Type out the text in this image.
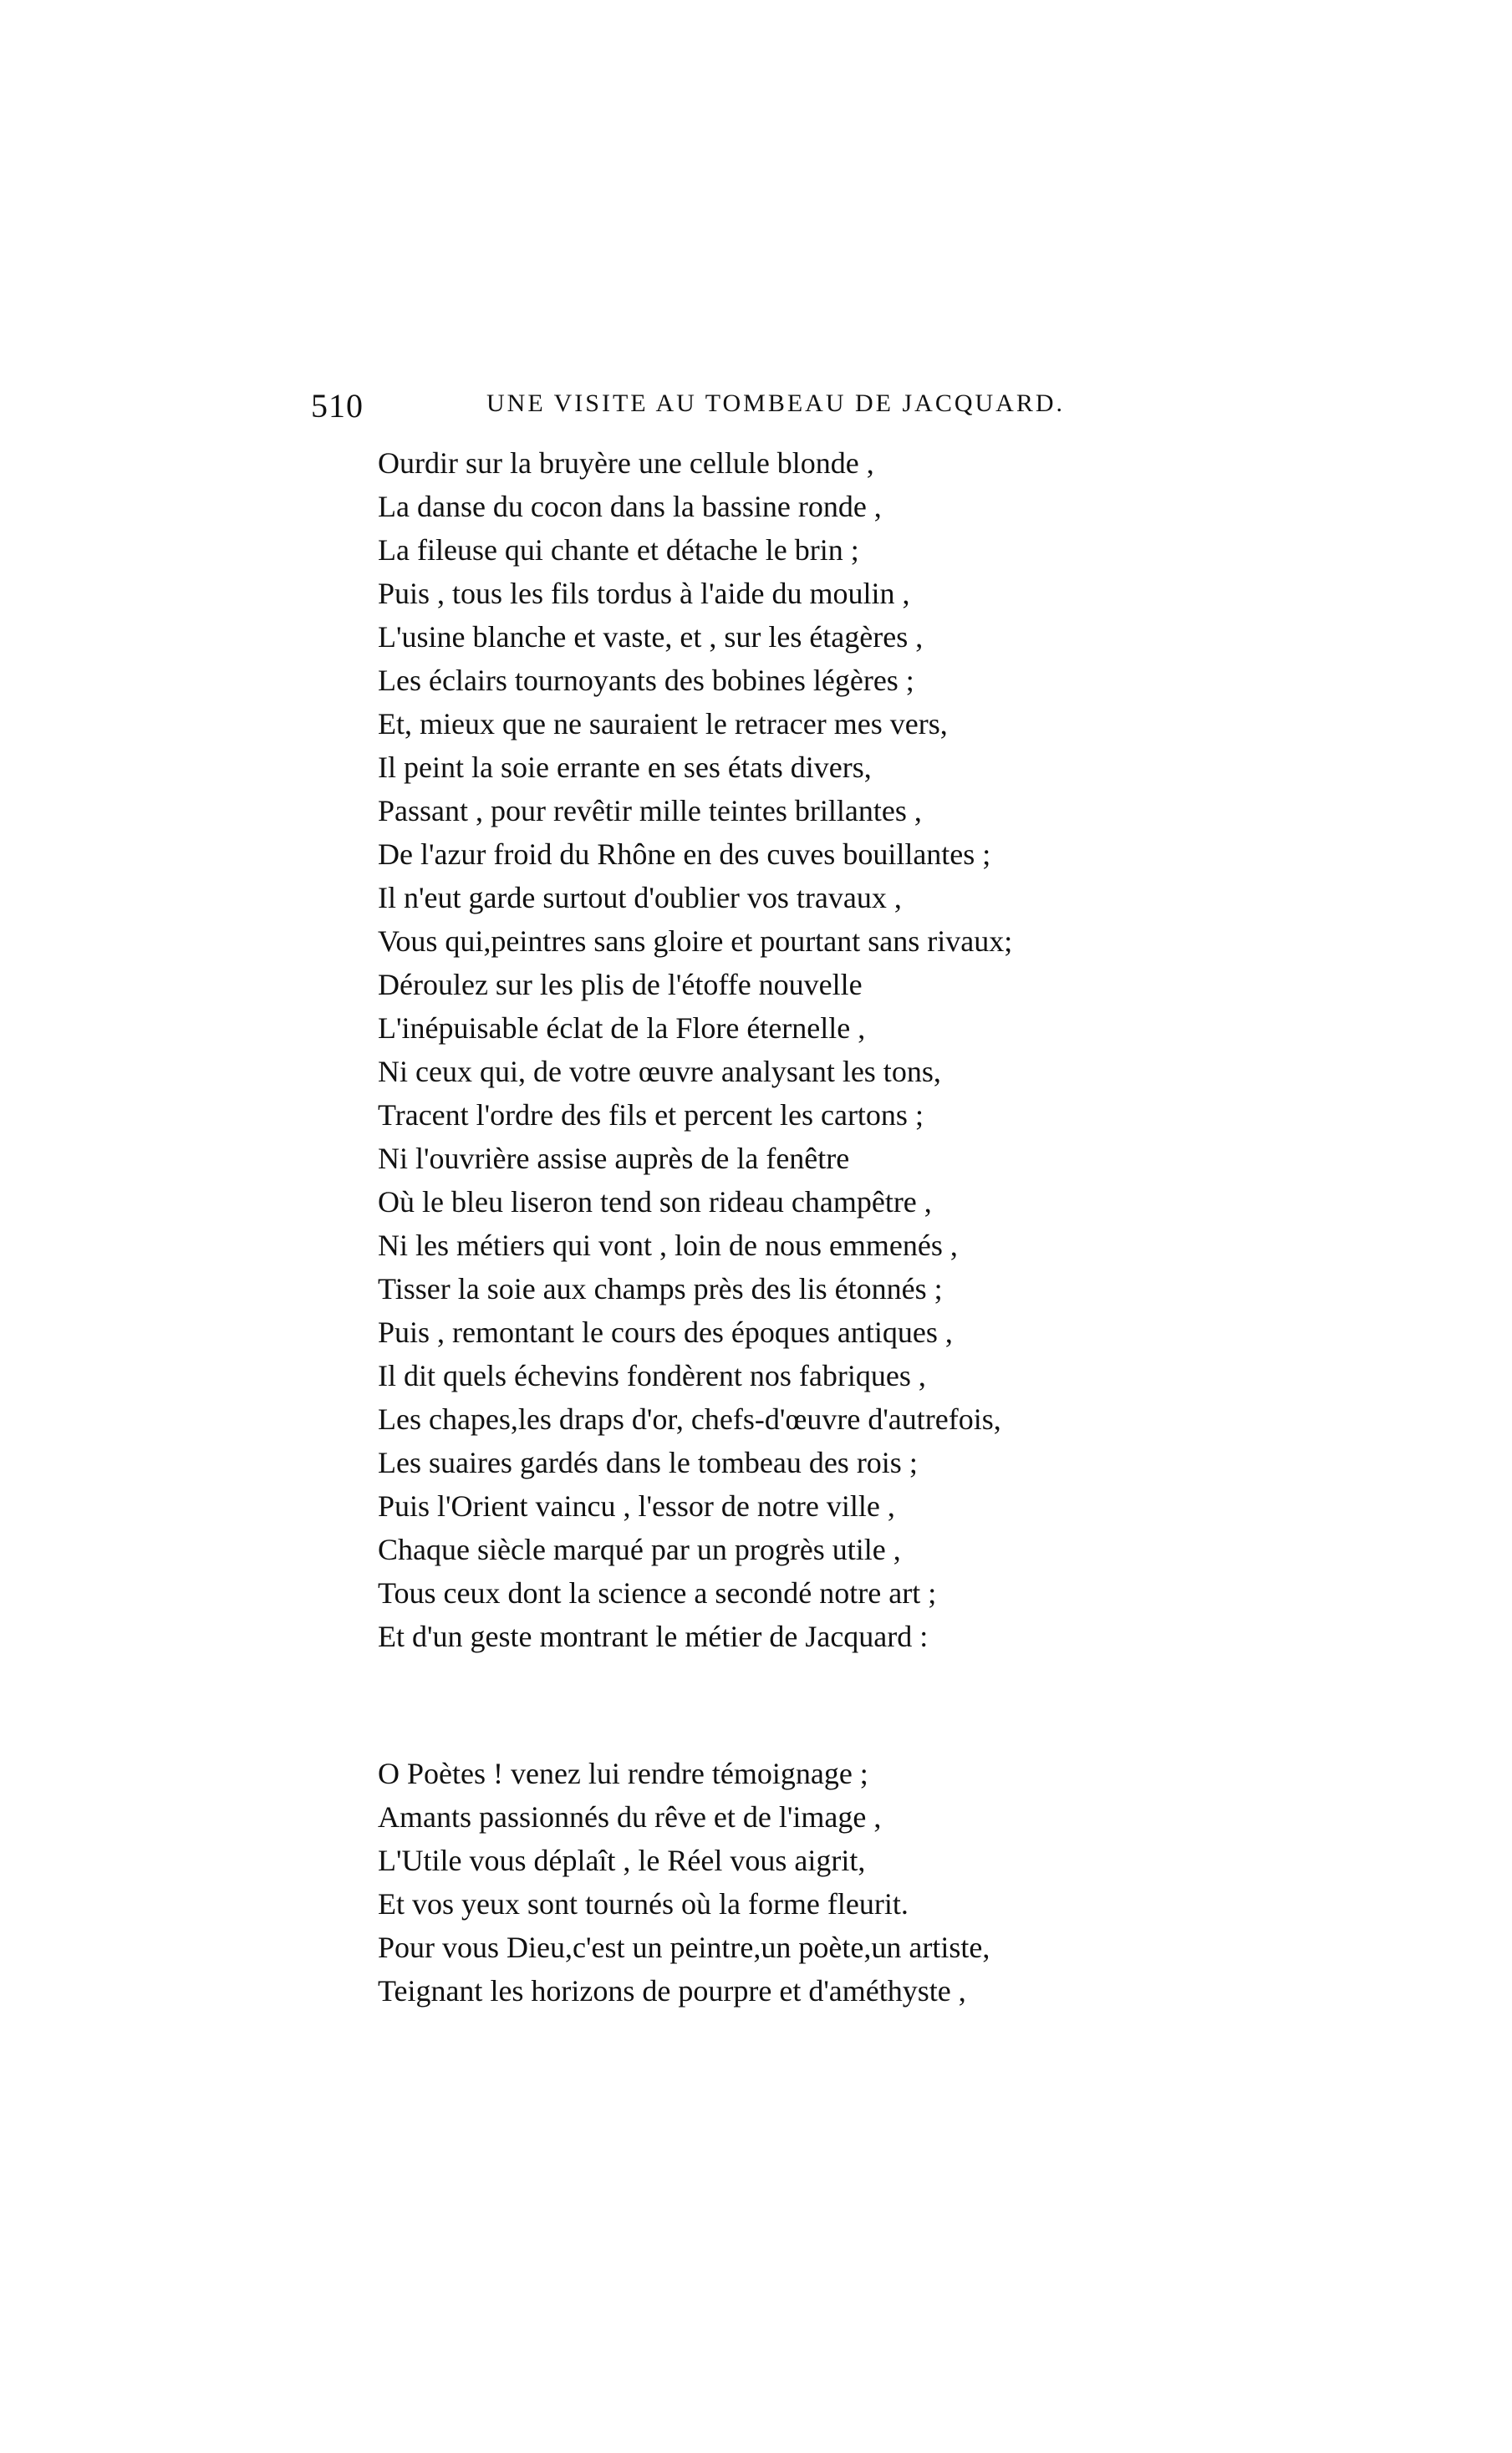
510	UNE VISITE AU TOMBEAU DE JACQUARD.
Ourdir sur la bruyère une cellule blonde ,
La danse du cocon dans la bassine ronde ,
La fileuse qui chante et détache le brin ;
Puis , tous les fils tordus à l'aide du moulin ,
L'usine blanche et vaste, et , sur les étagères ,
Les éclairs tournoyants des bobines légères ;
Et, mieux que ne sauraient le retracer mes vers,
Il peint la soie errante en ses états divers,
Passant , pour revêtir mille teintes brillantes ,
De l'azur froid du Rhône en des cuves bouillantes ;
Il n'eut garde surtout d'oublier vos travaux ,
Vous qui,peintres sans gloire et pourtant sans rivaux;
Déroulez sur les plis de l'étoffe nouvelle
L'inépuisable éclat de la Flore éternelle ,
Ni ceux qui, de votre œuvre analysant les tons,
Tracent l'ordre des fils et percent les cartons ;
Ni l'ouvrière assise auprès de la fenêtre
Où le bleu liseron tend son rideau champêtre ,
Ni les métiers qui vont , loin de nous emmenés ,
Tisser la soie aux champs près des lis étonnés ;
Puis , remontant le cours des époques antiques ,
Il dit quels échevins fondèrent nos fabriques ,
Les chapes,les draps d'or, chefs-d'œuvre d'autrefois,
Les suaires gardés dans le tombeau des rois ;
Puis l'Orient vaincu , l'essor de notre ville ,
Chaque siècle marqué par un progrès utile ,
Tous ceux dont la science a secondé notre art ;
Et d'un geste montrant le métier de Jacquard :
O Poètes ! venez lui rendre témoignage ;
Amants passionnés du rêve et de l'image ,
L'Utile vous déplaît , le Réel vous aigrit,
Et vos yeux sont tournés où la forme fleurit.
Pour vous Dieu,c'est un peintre,un poète,un artiste,
Teignant les horizons de pourpre et d'améthyste ,
